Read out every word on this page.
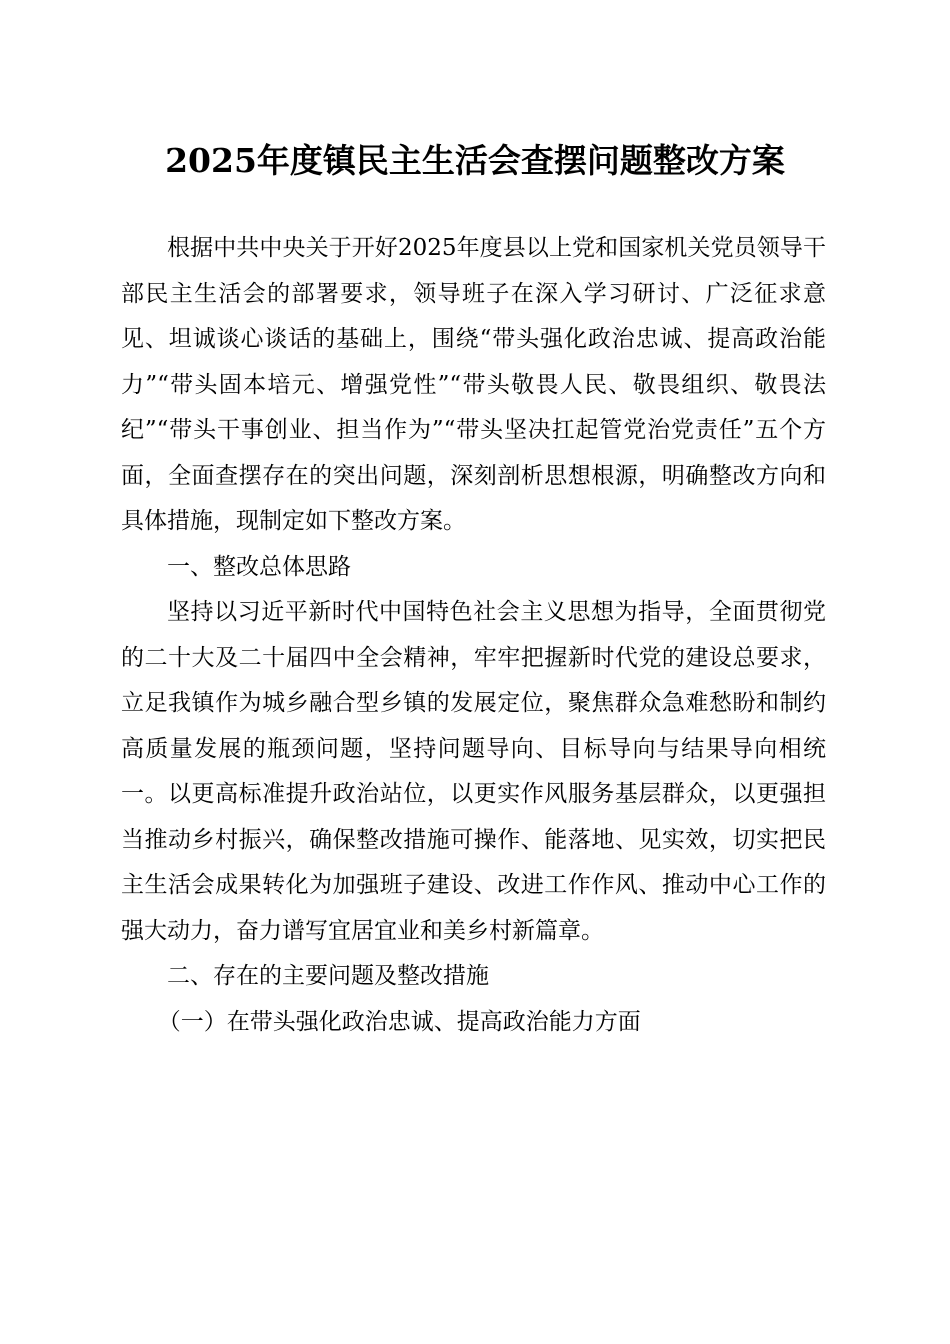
2025年度镇民主生活会查摆问题整改方案

根据中共中央关于开好2025年度县以上党和国家机关党员领导干部民主生活会的部署要求，领导班子在深入学习研讨、广泛征求意见、坦诚谈心谈话的基础上，围绕“带头强化政治忠诚、提高政治能力”“带头固本培元、增强党性”“带头敬畏人民、敬畏组织、敬畏法纪”“带头干事创业、担当作为”“带头坚决扛起管党治党责任”五个方面，全面查摆存在的突出问题，深刻剖析思想根源，明确整改方向和具体措施，现制定如下整改方案。

一、整改总体思路

坚持以习近平新时代中国特色社会主义思想为指导，全面贯彻党的二十大及二十届四中全会精神，牢牢把握新时代党的建设总要求，立足我镇作为城乡融合型乡镇的发展定位，聚焦群众急难愁盼和制约高质量发展的瓶颈问题，坚持问题导向、目标导向与结果导向相统一。以更高标准提升政治站位，以更实作风服务基层群众，以更强担当推动乡村振兴，确保整改措施可操作、能落地、见实效，切实把民主生活会成果转化为加强班子建设、改进工作作风、推动中心工作的强大动力，奋力谱写宜居宜业和美乡村新篇章。

二、存在的主要问题及整改措施

（一）在带头强化政治忠诚、提高政治能力方面
